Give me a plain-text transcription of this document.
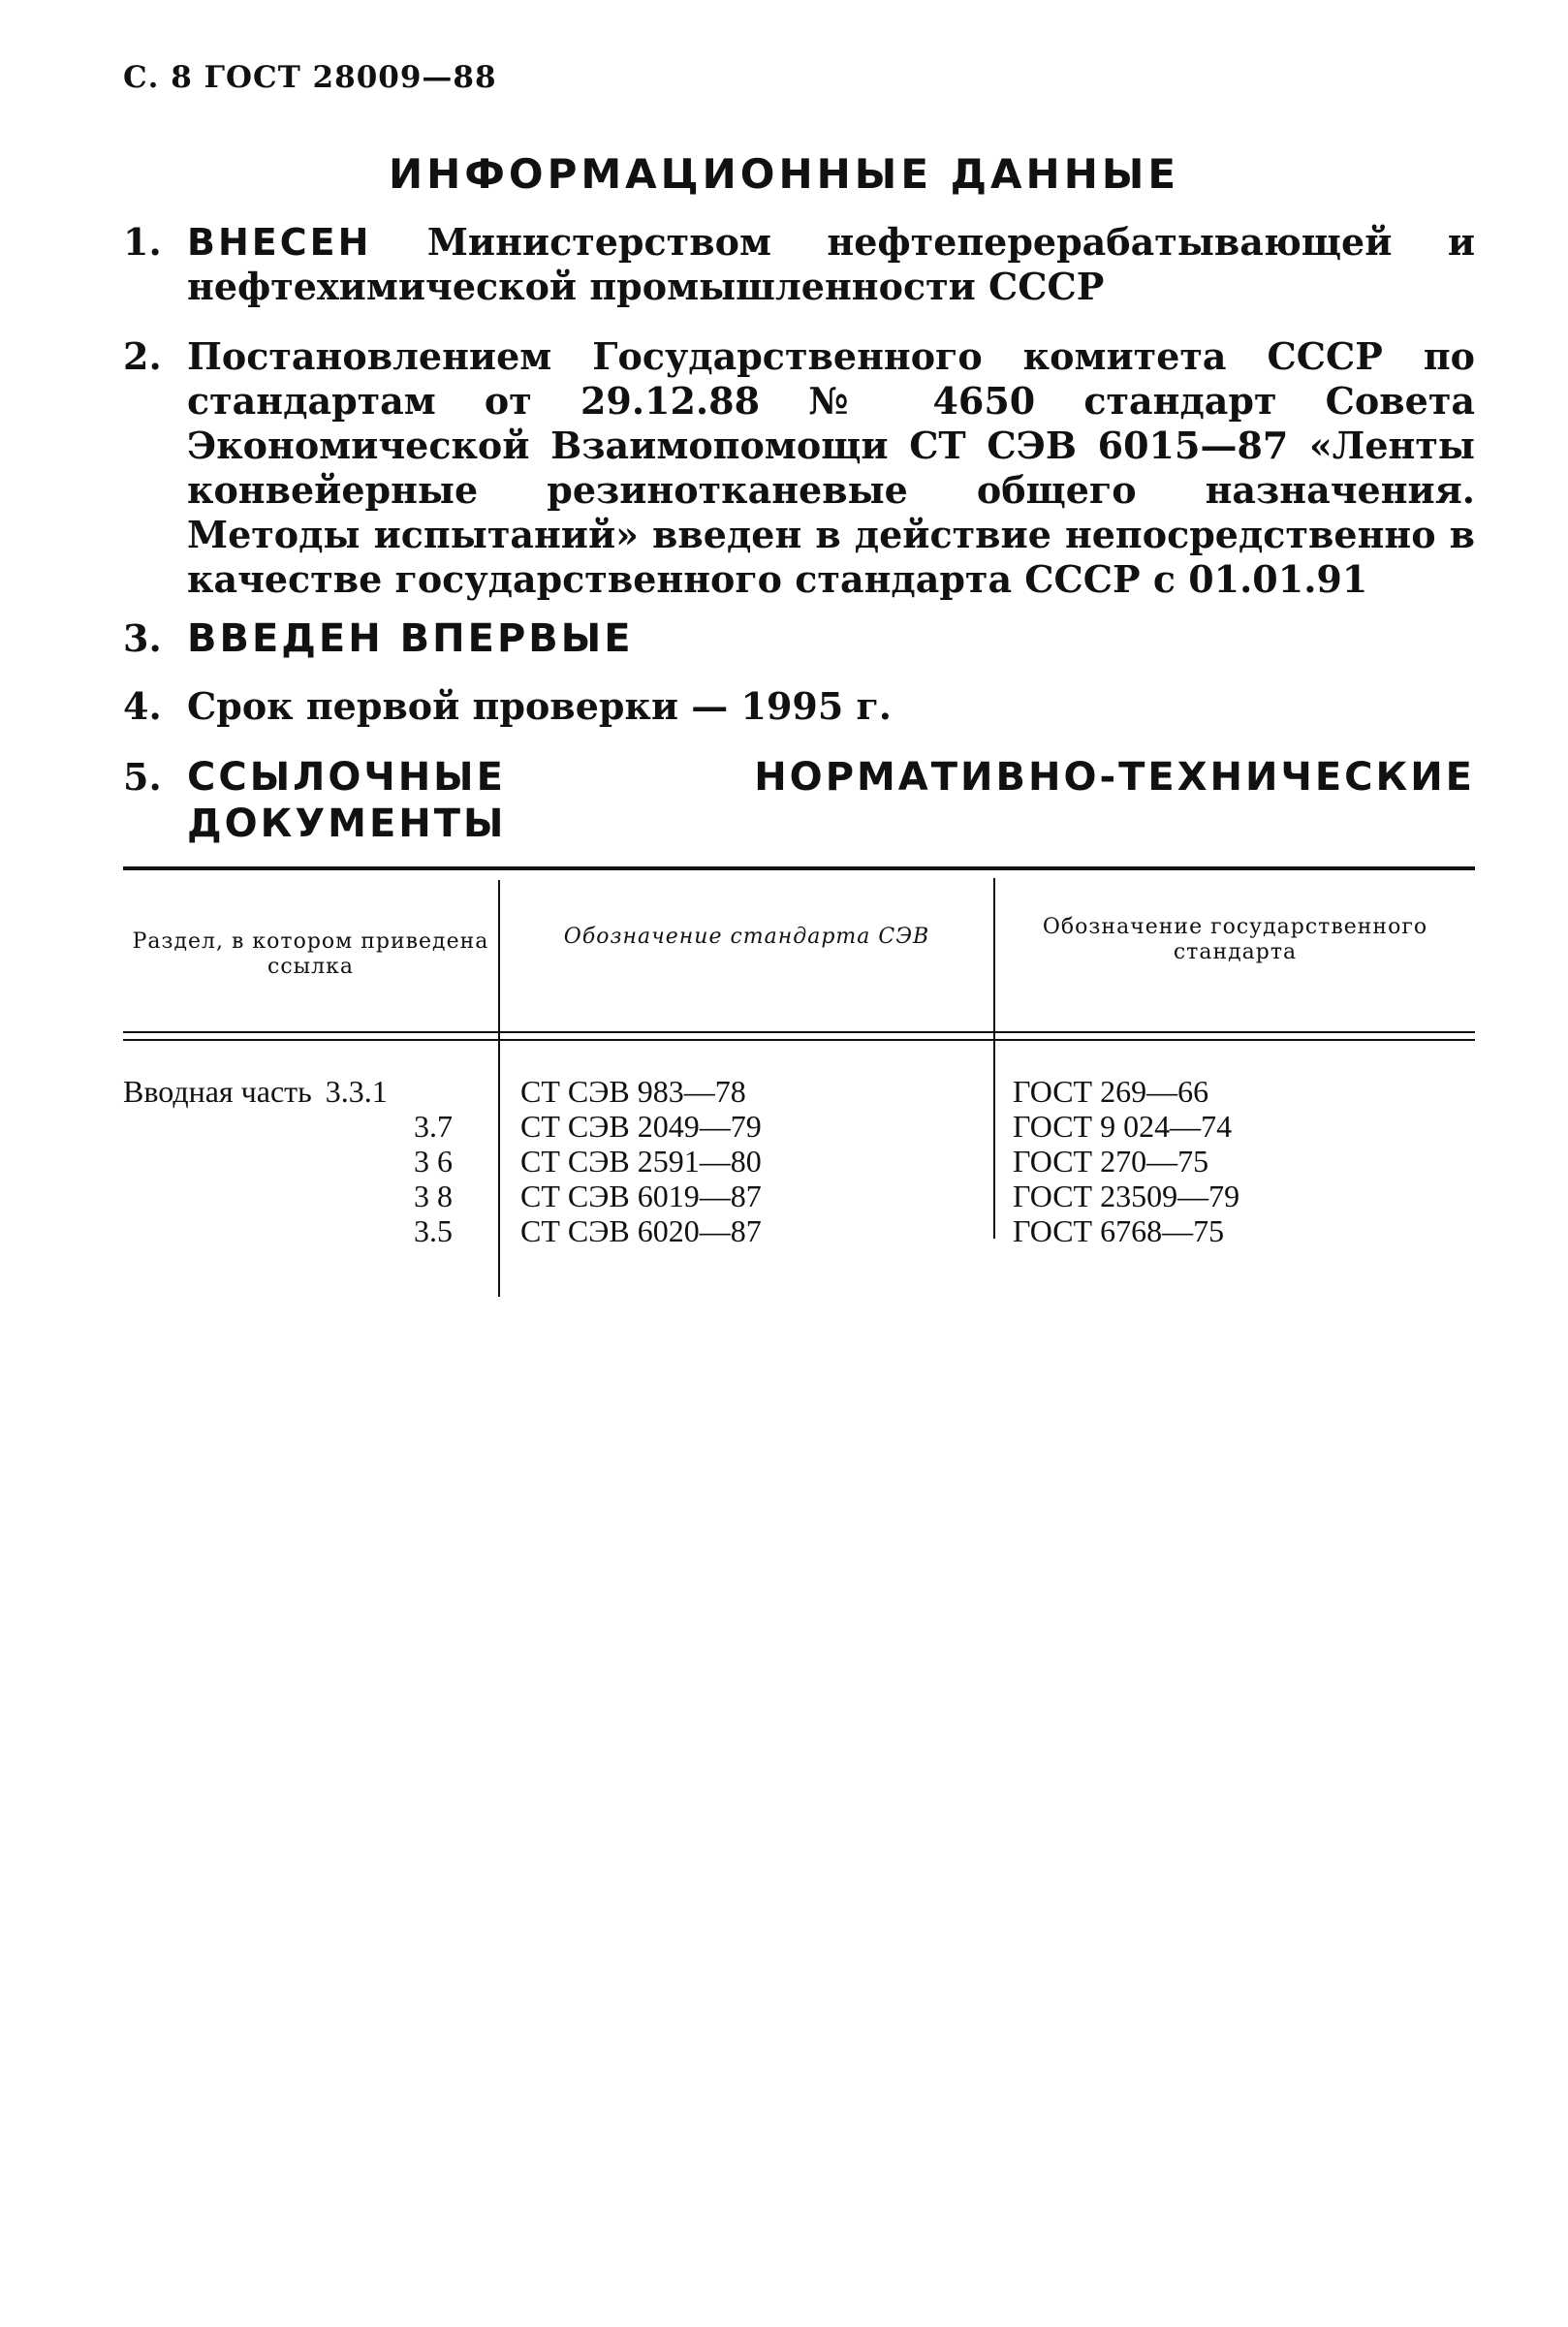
С. 8 ГОСТ 28009—88
ИНФОРМАЦИОННЫЕ ДАННЫЕ
1. ВНЕСЕН Министерством нефтеперерабатывающей и нефтехимической промышленности СССР
2. Постановлением Государственного комитета СССР по стандартам от 29.12.88 № 4650 стандарт Совета Экономической Взаимопомощи СТ СЭВ 6015—87 «Ленты конвейерные резинотканевые общего назначения. Методы испытаний» введен в действие непосредственно в качестве государственного стандарта СССР с 01.01.91
3. ВВЕДЕН ВПЕРВЫЕ
4. Срок первой проверки — 1995 г.
5. ССЫЛОЧНЫЕ НОРМАТИВНО-ТЕХНИЧЕСКИЕ ДОКУМЕНТЫ
Раздел, в котором приведена ссылка
Обозначение стандарта СЭВ	Обозначение государственного стандарта
Вводная часть 3.3.1
3.7
3 6
3 8
3.5
СТ СЭВ 983—78
СТ СЭВ 2049—79
СТ СЭВ 2591—80
СТ СЭВ 6019—87
СТ СЭВ 6020—87
ГОСТ 269—66
ГОСТ 9 024—74
ГОСТ 270—75
ГОСТ 23509—79
ГОСТ 6768—75
